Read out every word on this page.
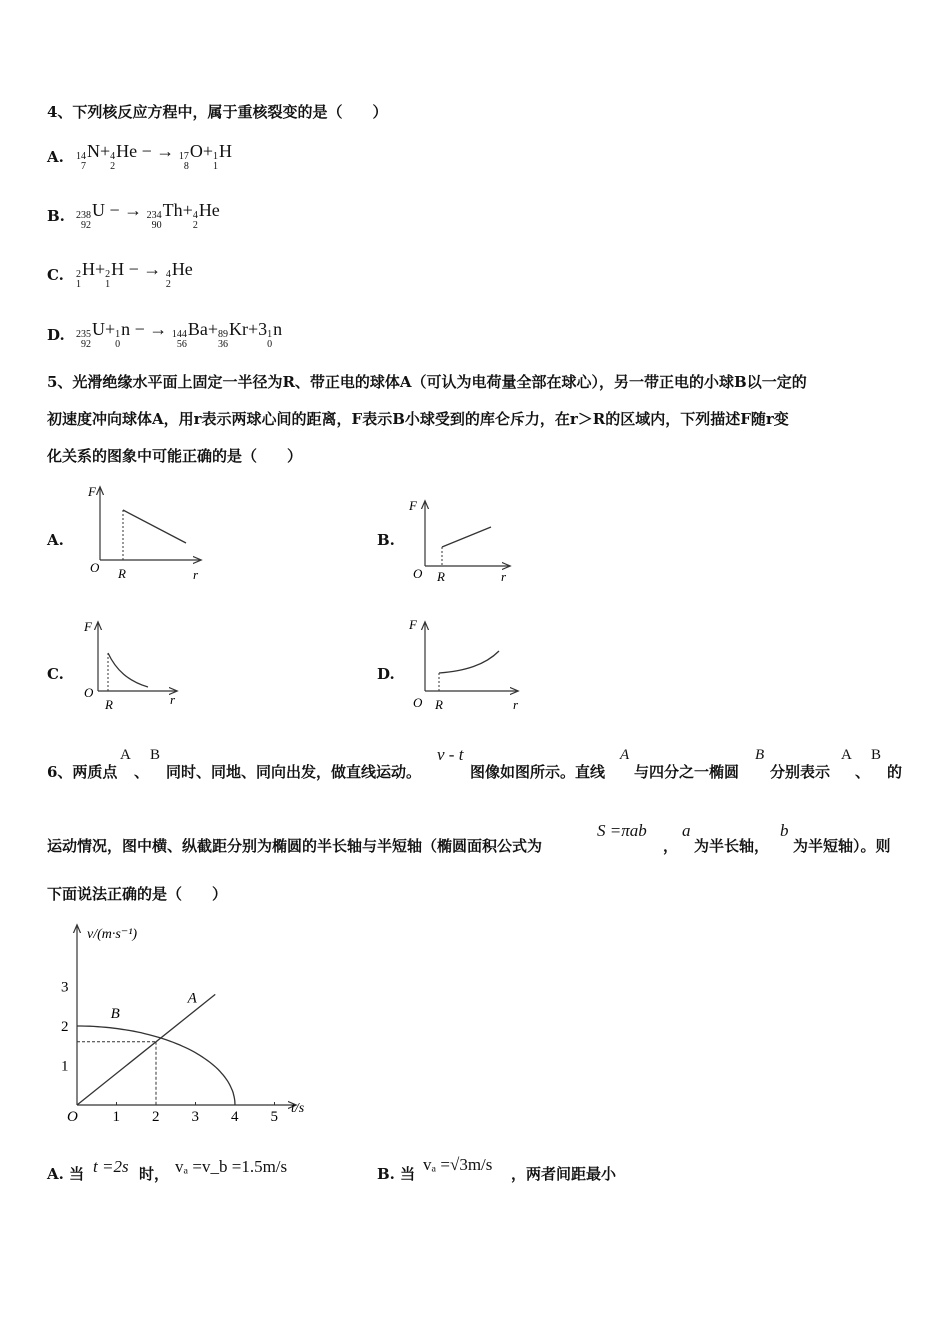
4、下列核反应方程中，属于重核裂变的是（　　）
A. 14
7
N+ 4
2
He − → 17
8
O+ 1
1
H
B. 238
92
U − → 234
90
Th+ 4
2
He
C. 2
1
H+ 2
1
H − → 4
2
He
D. 235
92
U+ 1
0
n − → 144
56
Ba+ 89
36
Kr+3 1
0
n
5、光滑绝缘水平面上固定一半径为R、带正电的球体A（可认为电荷量全部在球心），另一带正电的小球B以一定的
初速度冲向球体A，用r表示两球心间的距离，F表示B小球受到的库仑斥力，在r＞R的区域内，下列描述F随r变
化关系的图象中可能正确的是（　　）
A.	B.
C.	D.
F
O R	r
F
O R	r
F
O
R	r
F
O R	r
6、两质点
A
、
B
同时、同地、同向出发，做直线运动。
v - t
图像如图所示。直线
A
与四分之一椭圆
B
分别表示
A
、
B
的
运动情况，图中横、纵截距分别为椭圆的半长轴与半短轴（椭圆面积公式为
S =πab
，
a
为半长轴，
b
为半短轴）。则
下面说法正确的是（　　）
v/(m·s⁻¹)
t/s
O 1 2 3 4 5
1
2
3
A
B
A. 当 t =2s 时， vₐ =v_b =1.5m/s	B. 当 vₐ =√3m/s ，两者间距最小
